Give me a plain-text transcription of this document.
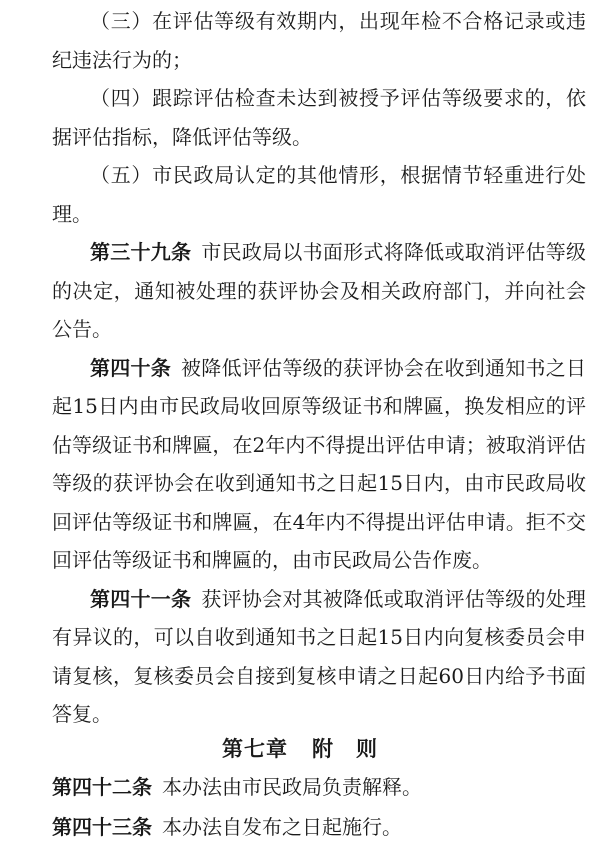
（三）在评估等级有效期内，出现年检不合格记录或违纪违法行为的；

（四）跟踪评估检查未达到被授予评估等级要求的，依据评估指标，降低评估等级。

（五）市民政局认定的其他情形，根据情节轻重进行处理。

第三十九条 市民政局以书面形式将降低或取消评估等级的决定，通知被处理的获评协会及相关政府部门，并向社会公告。

第四十条 被降低评估等级的获评协会在收到通知书之日起15日内由市民政局收回原等级证书和牌匾，换发相应的评估等级证书和牌匾，在2年内不得提出评估申请；被取消评估等级的获评协会在收到通知书之日起15日内，由市民政局收回评估等级证书和牌匾，在4年内不得提出评估申请。拒不交回评估等级证书和牌匾的，由市民政局公告作废。

第四十一条 获评协会对其被降低或取消评估等级的处理有异议的，可以自收到通知书之日起15日内向复核委员会申请复核，复核委员会自接到复核申请之日起60日内给予书面答复。

第七章 附　则

第四十二条 本办法由市民政局负责解释。

第四十三条 本办法自发布之日起施行。
